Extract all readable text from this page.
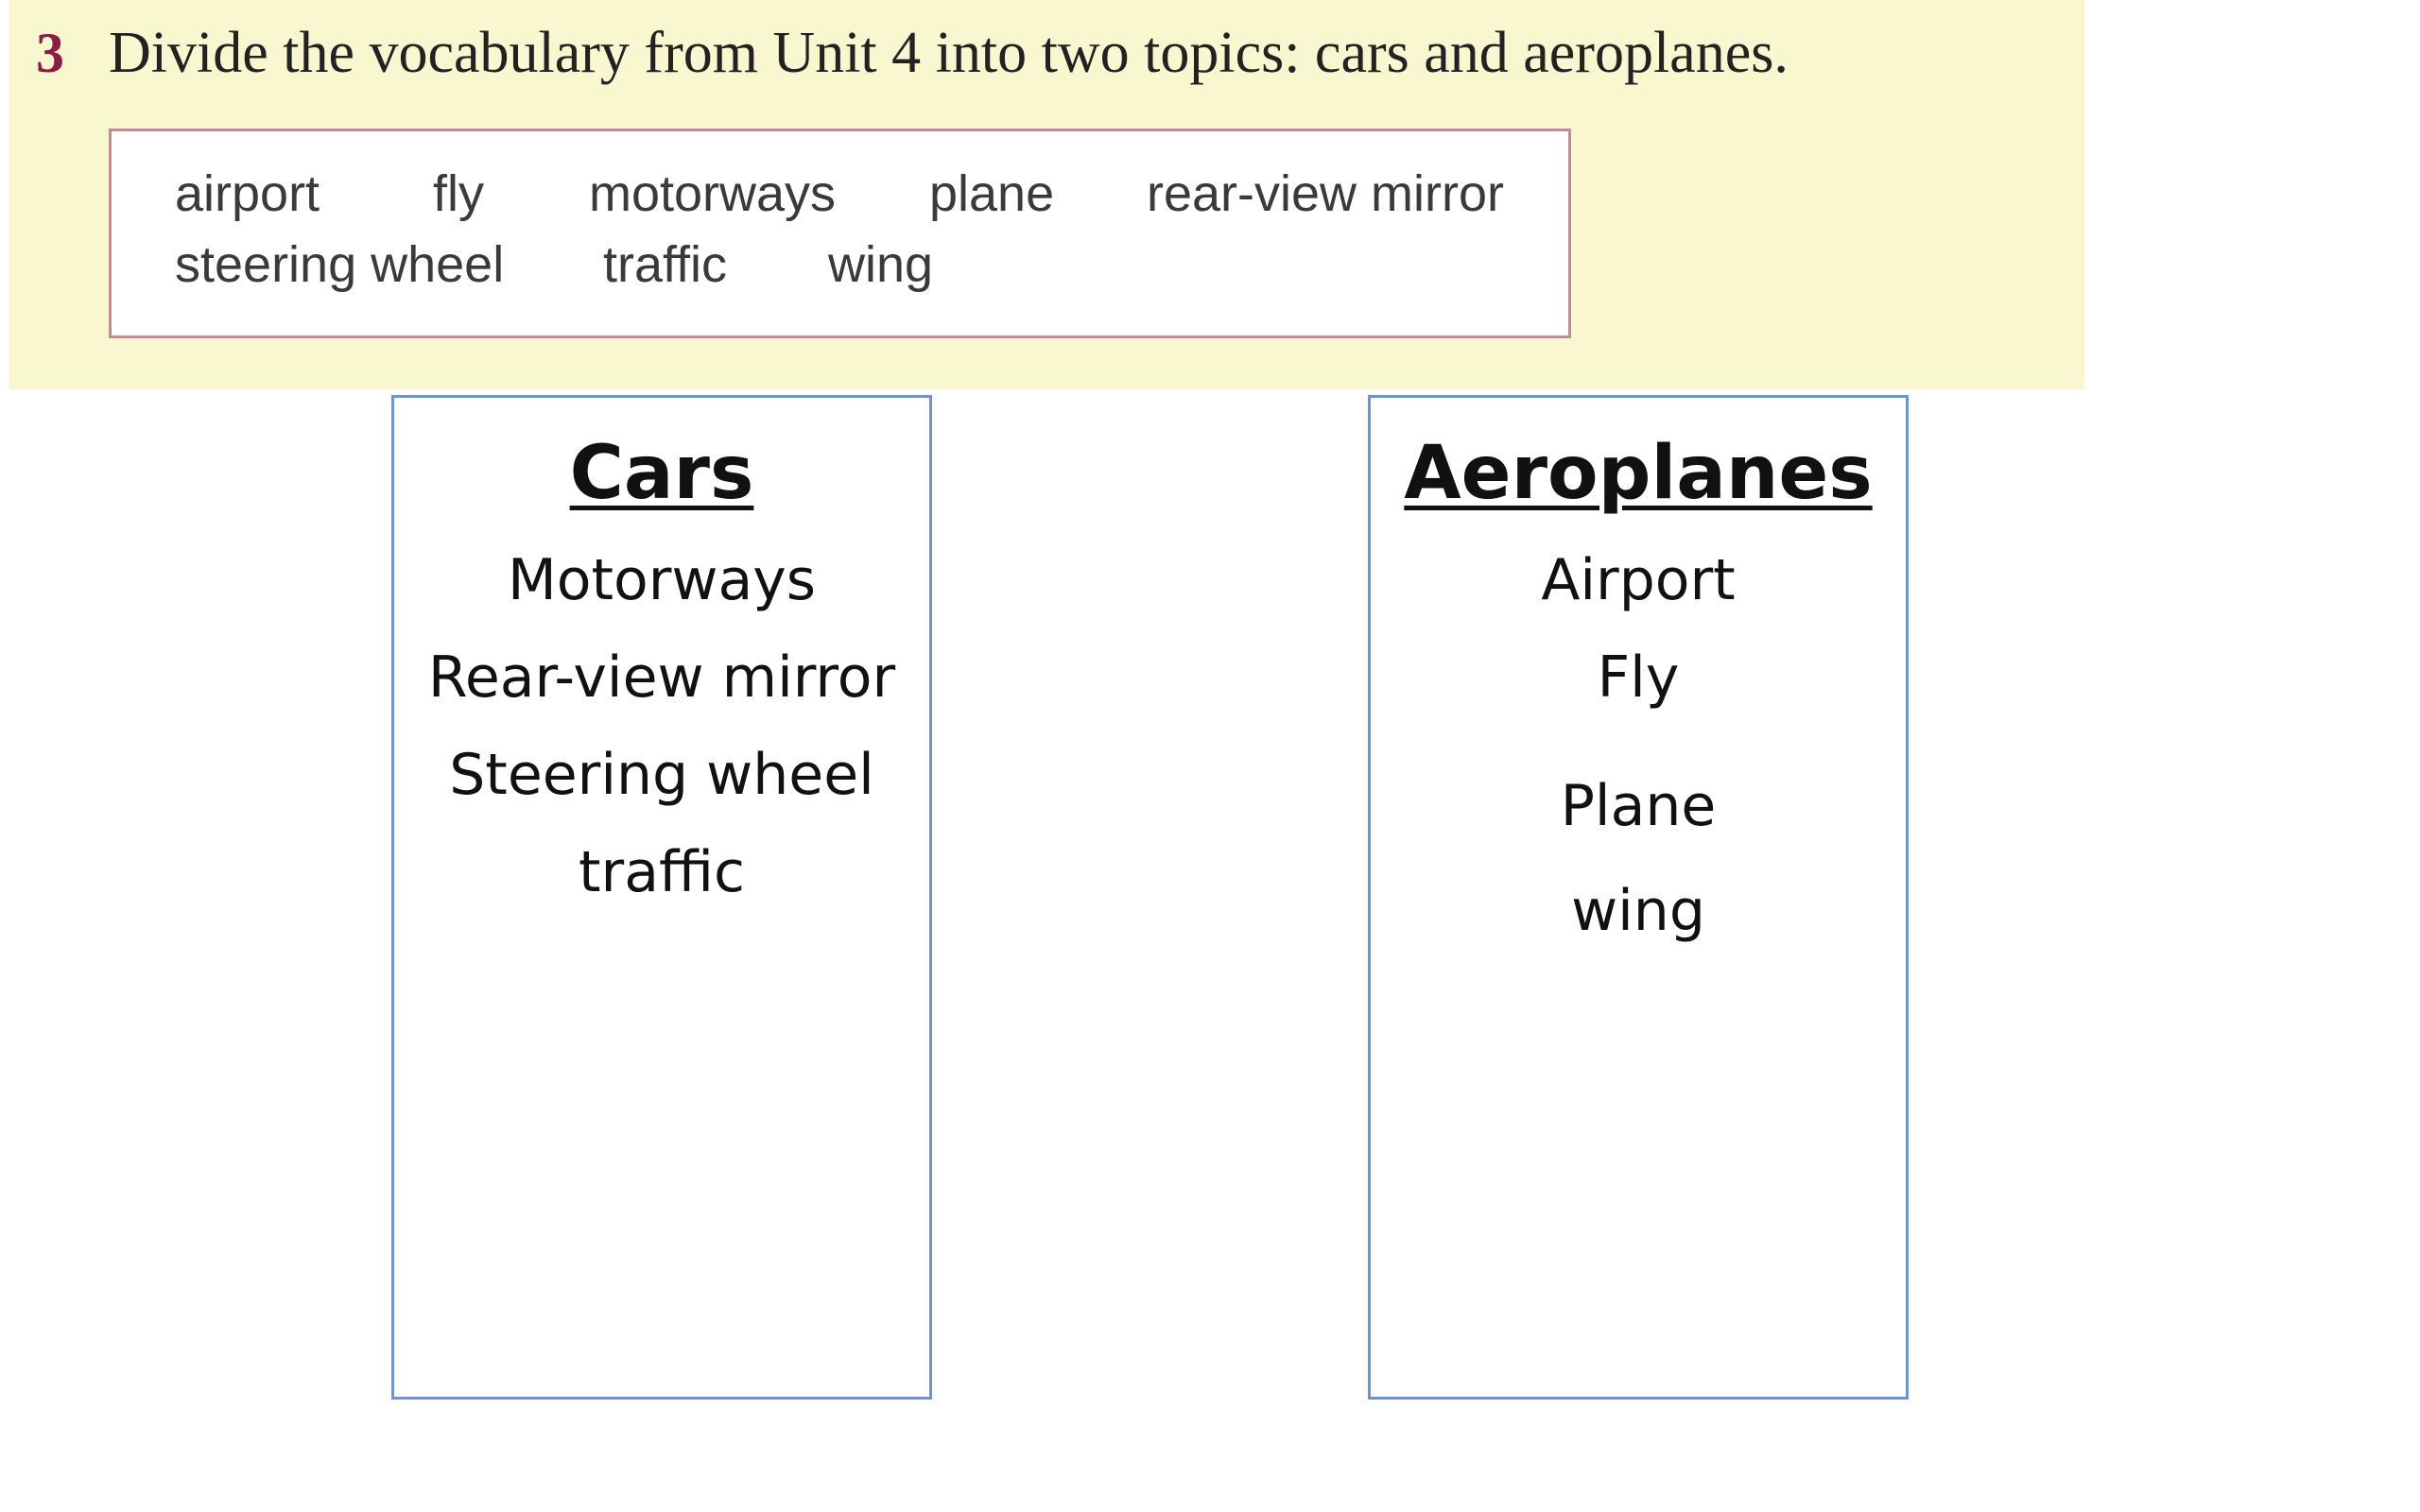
3 Divide the vocabulary from Unit 4 into two topics: cars and aeroplanes.
airport fly motorways plane rear-view mirror
steering wheel traffic wing
Cars
Motorways
Rear-view mirror
Steering wheel
traffic
Aeroplanes
Airport
Fly
Plane
wing
